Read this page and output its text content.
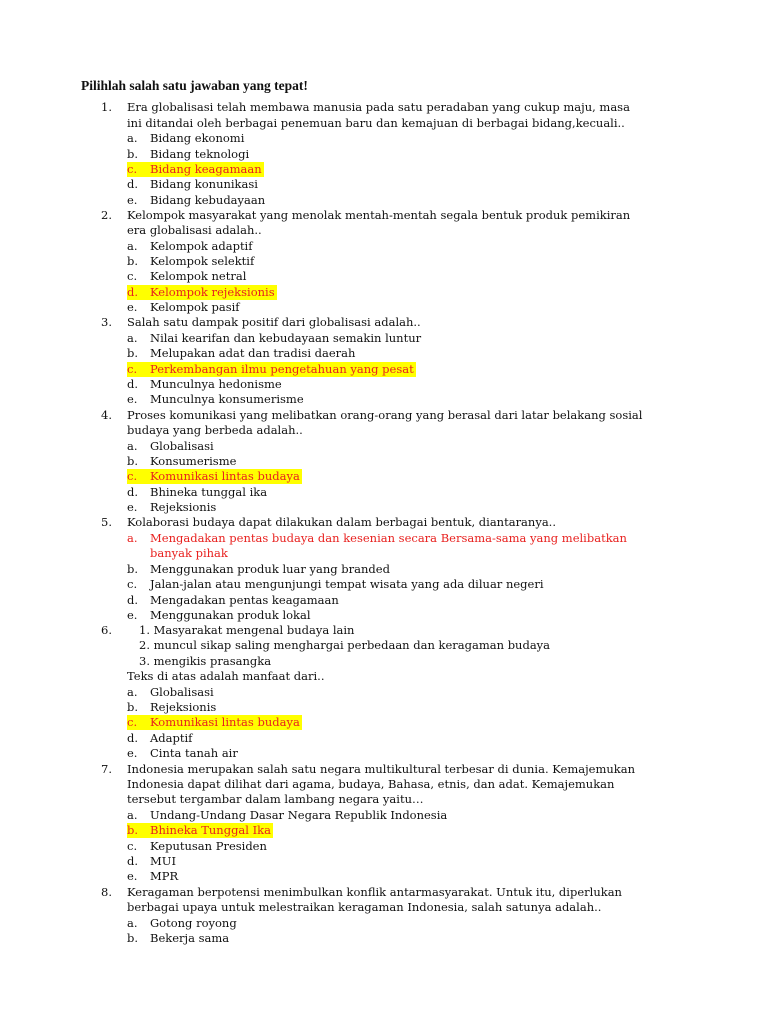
Pilihlah salah satu jawaban yang tepat!
1. Era globalisasi telah membawa manusia pada satu peradaban yang cukup maju, masa
ini ditandai oleh berbagai penemuan baru dan kemajuan di berbagai bidang,kecuali..
a. Bidang ekonomi
b. Bidang teknologi
c.	Bidang keagamaan
d. Bidang konunikasi
e. Bidang kebudayaan
2. Kelompok masyarakat yang menolak mentah-mentah segala bentuk produk pemikiran
era globalisasi adalah..
a. Kelompok adaptif
b. Kelompok selektif
c. Kelompok netral
d.	Kelompok rejeksionis
e. Kelompok pasif
3. Salah satu dampak positif dari globalisasi adalah..
a. Nilai kearifan dan kebudayaan semakin luntur
b. Melupakan adat dan tradisi daerah
c.	Perkembangan ilmu pengetahuan yang pesat
d. Munculnya hedonisme
e. Munculnya konsumerisme
4. Proses komunikasi yang melibatkan orang-orang yang berasal dari latar belakang sosial
budaya yang berbeda adalah..
a. Globalisasi
b. Konsumerisme
c.	Komunikasi lintas budaya
d. Bhineka tunggal ika
e. Rejeksionis
5. Kolaborasi budaya dapat dilakukan dalam berbagai bentuk, diantaranya..
a. Mengadakan pentas budaya dan kesenian secara Bersama-sama yang melibatkan
banyak pihak
b. Menggunakan produk luar yang branded
c. Jalan-jalan atau mengunjungi tempat wisata yang ada diluar negeri
d. Mengadakan pentas keagamaan
e. Menggunakan produk lokal
6. 1. Masyarakat mengenal budaya lain
2. muncul sikap saling menghargai perbedaan dan keragaman budaya
3. mengikis prasangka
Teks di atas adalah manfaat dari..
a. Globalisasi
b. Rejeksionis
c.	Komunikasi lintas budaya
d. Adaptif
e. Cinta tanah air
7. Indonesia merupakan salah satu negara multikultural terbesar di dunia. Kemajemukan
Indonesia dapat dilihat dari agama, budaya, Bahasa, etnis, dan adat. Kemajemukan
tersebut tergambar dalam lambang negara yaitu…
a. Undang-Undang Dasar Negara Republik Indonesia
b.	Bhineka Tunggal Ika
c. Keputusan Presiden
d. MUI
e. MPR
8. Keragaman berpotensi menimbulkan konflik antarmasyarakat. Untuk itu, diperlukan
berbagai upaya untuk melestraikan keragaman Indonesia, salah satunya adalah..
a. Gotong royong
b. Bekerja sama
